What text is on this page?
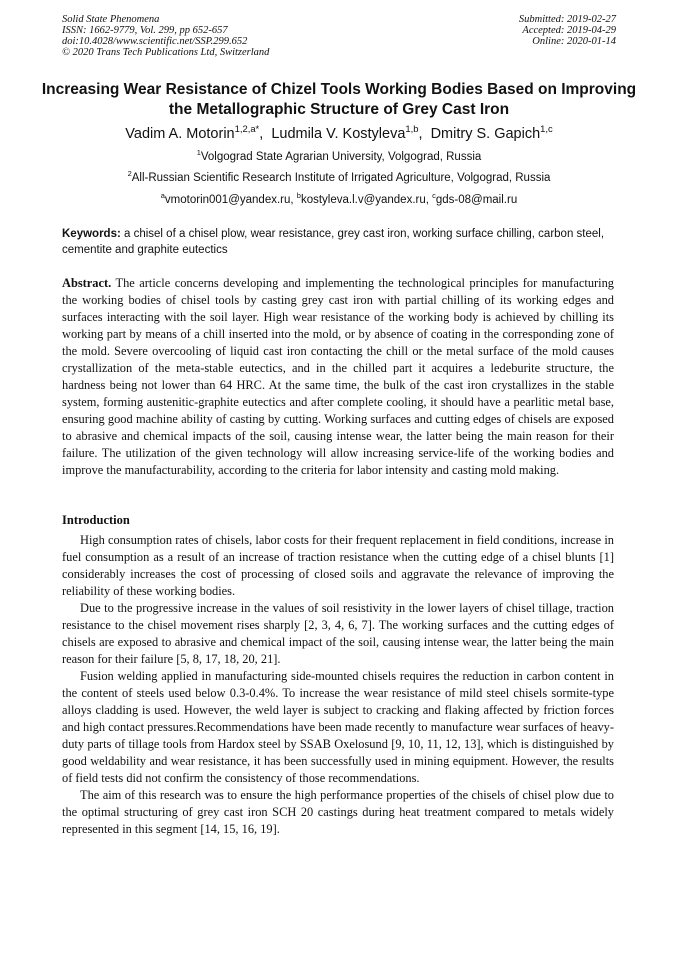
Solid State Phenomena
ISSN: 1662-9779, Vol. 299, pp 652-657
doi:10.4028/www.scientific.net/SSP.299.652
© 2020 Trans Tech Publications Ltd, Switzerland
Submitted: 2019-02-27
Accepted: 2019-04-29
Online: 2020-01-14
Increasing Wear Resistance of Chizel Tools Working Bodies Based on Improving the Metallographic Structure of Grey Cast Iron
Vadim A. Motorin$^{1,2,a*}$,  Ludmila V. Kostyleva$^{1,b}$,  Dmitry S. Gapich$^{1,c}$
$^1$Volgograd State Agrarian University, Volgograd, Russia
$^2$All-Russian Scientific Research Institute of Irrigated Agriculture, Volgograd, Russia
$^a$vmotorin001@yandex.ru, $^b$kostyleva.l.v@yandex.ru, $^c$gds-08@mail.ru
Keywords: a chisel of a chisel plow, wear resistance, grey cast iron, working surface chilling, carbon steel, cementite and graphite eutectics

Abstract. The article concerns developing and implementing the technological principles for manufacturing the working bodies of chisel tools by casting grey cast iron with partial chilling of its working edges and surfaces interacting with the soil layer. High wear resistance of the working body is achieved by chilling its working part by means of a chill inserted into the mold, or by absence of coating in the corresponding zone of the mold. Severe overcooling of liquid cast iron contacting the chill or the metal surface of the mold causes crystallization of the meta-stable eutectics, and in the chilled part it acquires a ledeburite structure, the hardness being not lower than 64 HRC. At the same time, the bulk of the cast iron crystallizes in the stable system, forming austenitic-graphite eutectics and after complete cooling, it should have a pearlitic metal base, ensuring good machine ability of casting by cutting. Working surfaces and cutting edges of chisels are exposed to abrasive and chemical impacts of the soil, causing intense wear, the latter being the main reason for their failure. The utilization of the given technology will allow increasing service-life of the working bodies and improve the manufacturability, according to the criteria for labor intensity and casting mold making.

Introduction

High consumption rates of chisels, labor costs for their frequent replacement in field conditions, increase in fuel consumption as a result of an increase of traction resistance when the cutting edge of a chisel blunts [1] considerably increases the cost of processing of closed soils and aggravate the relevance of improving the reliability of these working bodies.

Due to the progressive increase in the values of soil resistivity in the lower layers of chisel tillage, traction resistance to the chisel movement rises sharply [2, 3, 4, 6, 7]. The working surfaces and the cutting edges of chisels are exposed to abrasive and chemical impact of the soil, causing intense wear, the latter being the main reason for their failure [5, 8, 17, 18, 20, 21].

Fusion welding applied in manufacturing side-mounted chisels requires the reduction in carbon content in the content of steels used below 0.3-0.4%. To increase the wear resistance of mild steel chisels sormite-type alloys cladding is used. However, the weld layer is subject to cracking and flaking affected by friction forces and high contact pressures.Recommendations have been made recently to manufacture wear surfaces of heavy-duty parts of tillage tools from Hardox steel by SSAB Oxelosund [9, 10, 11, 12, 13], which is distinguished by good weldability and wear resistance, it has been successfully used in mining equipment. However, the results of field tests did not confirm the consistency of those recommendations.

The aim of this research was to ensure the high performance properties of the chisels of chisel plow due to the optimal structuring of grey cast iron SCH 20 castings during heat treatment compared to metals widely represented in this segment [14, 15, 16, 19].
